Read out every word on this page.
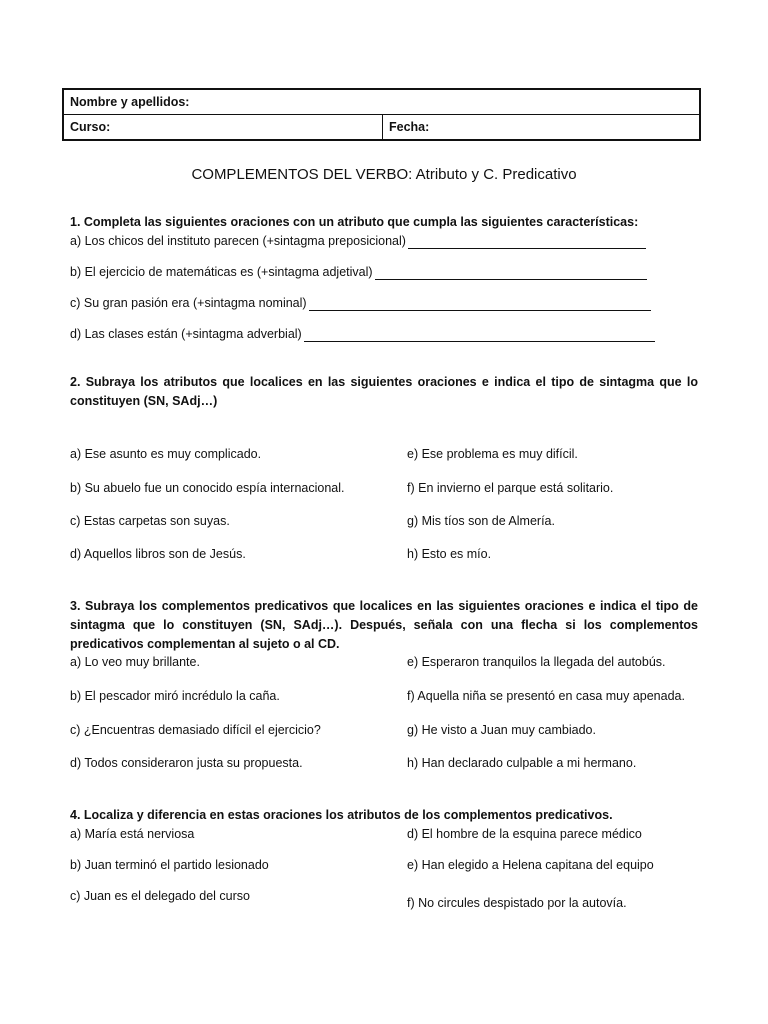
Nombre y apellidos:
Curso:	Fecha:
COMPLEMENTOS DEL VERBO: Atributo y C. Predicativo
1. Completa las siguientes oraciones con un atributo que cumpla las siguientes características:
a) Los chicos del instituto parecen (+sintagma preposicional)
b) El ejercicio de matemáticas es (+sintagma adjetival)
c) Su gran pasión era (+sintagma nominal)
d) Las clases están (+sintagma adverbial)
2. Subraya los atributos que localices en las siguientes oraciones e indica el tipo de sintagma que lo constituyen (SN, SAdj…)
a) Ese asunto es muy complicado.
b) Su abuelo fue un conocido espía internacional.
c) Estas carpetas son suyas.
d) Aquellos libros son de Jesús.
e) Ese problema es muy difícil.
f) En invierno el parque está solitario.
g) Mis tíos son de Almería.
h) Esto es mío.
3. Subraya los complementos predicativos que localices en las siguientes oraciones e indica el tipo de sintagma que lo constituyen (SN, SAdj…). Después, señala con una flecha si los complementos predicativos complementan al sujeto o al CD.
a) Lo veo muy brillante.
b) El pescador miró incrédulo la caña.
c) ¿Encuentras demasiado difícil el ejercicio?
d) Todos consideraron justa su propuesta.
e) Esperaron tranquilos la llegada del autobús.
f) Aquella niña se presentó en casa muy apenada.
g) He visto a Juan muy cambiado.
h) Han declarado culpable a mi hermano.
4. Localiza y diferencia en estas oraciones los atributos de los complementos predicativos.
a) María está nerviosa
b) Juan terminó el partido lesionado
c) Juan es el delegado del curso
d) El hombre de la esquina parece médico
e) Han elegido a Helena capitana del equipo
f) No circules despistado por la autovía.
